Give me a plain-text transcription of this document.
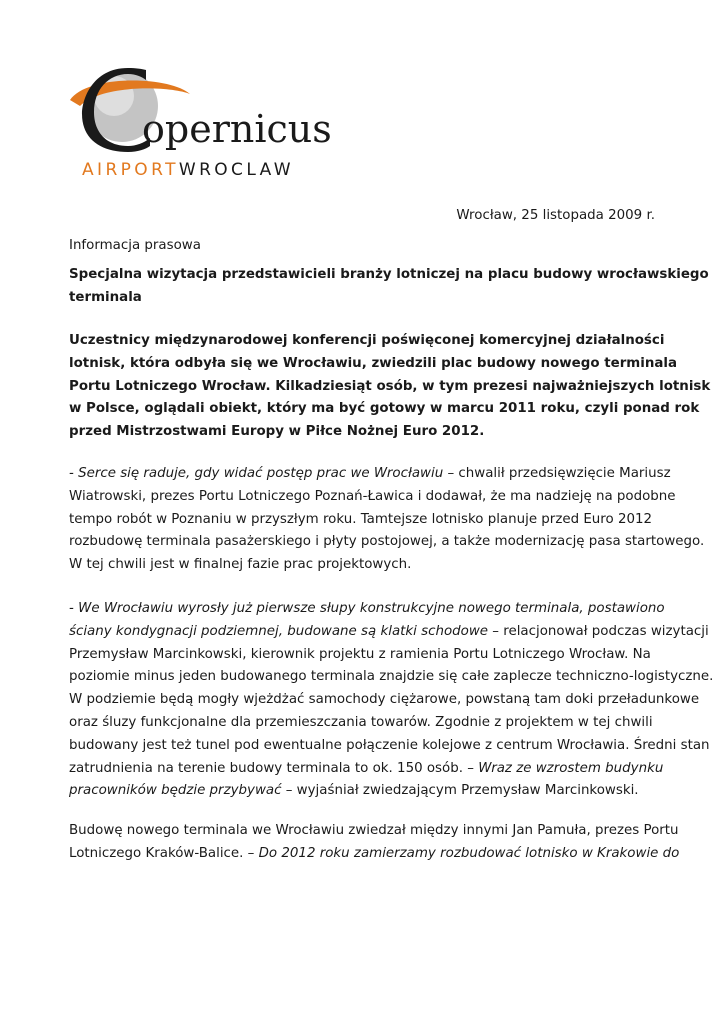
opernicus
AIRPORTWROCLAW
Wrocław, 25 listopada 2009 r.
Informacja prasowa
Specjalna wizytacja przedstawicieli branży lotniczej na placu budowy wrocławskiego
terminala
Uczestnicy międzynarodowej konferencji poświęconej komercyjnej działalności
lotnisk, która odbyła się we Wrocławiu, zwiedzili plac budowy nowego terminala
Portu Lotniczego Wrocław. Kilkadziesiąt osób, w tym prezesi najważniejszych lotnisk
w Polsce, oglądali obiekt, który ma być gotowy w marcu 2011 roku, czyli ponad rok
przed Mistrzostwami Europy w Piłce Nożnej Euro 2012.
- Serce się raduje, gdy widać postęp prac we Wrocławiu – chwalił przedsięwzięcie Mariusz
Wiatrowski, prezes Portu Lotniczego Poznań-Ławica i dodawał, że ma nadzieję na podobne
tempo robót w Poznaniu w przyszłym roku. Tamtejsze lotnisko planuje przed Euro 2012
rozbudowę terminala pasażerskiego i płyty postojowej, a także modernizację pasa startowego.
W tej chwili jest w finalnej fazie prac projektowych.
- We Wrocławiu wyrosły już pierwsze słupy konstrukcyjne nowego terminala, postawiono
ściany kondygnacji podziemnej, budowane są klatki schodowe – relacjonował podczas wizytacji
Przemysław Marcinkowski, kierownik projektu z ramienia Portu Lotniczego Wrocław. Na
poziomie minus jeden budowanego terminala znajdzie się całe zaplecze techniczno-logistyczne.
W podziemie będą mogły wjeżdżać samochody ciężarowe, powstaną tam doki przeładunkowe
oraz śluzy funkcjonalne dla przemieszczania towarów. Zgodnie z projektem w tej chwili
budowany jest też tunel pod ewentualne połączenie kolejowe z centrum Wrocławia. Średni stan
zatrudnienia na terenie budowy terminala to ok. 150 osób. – Wraz ze wzrostem budynku
pracowników będzie przybywać – wyjaśniał zwiedzającym Przemysław Marcinkowski.
Budowę nowego terminala we Wrocławiu zwiedzał między innymi Jan Pamuła, prezes Portu
Lotniczego Kraków-Balice. – Do 2012 roku zamierzamy rozbudować lotnisko w Krakowie do
